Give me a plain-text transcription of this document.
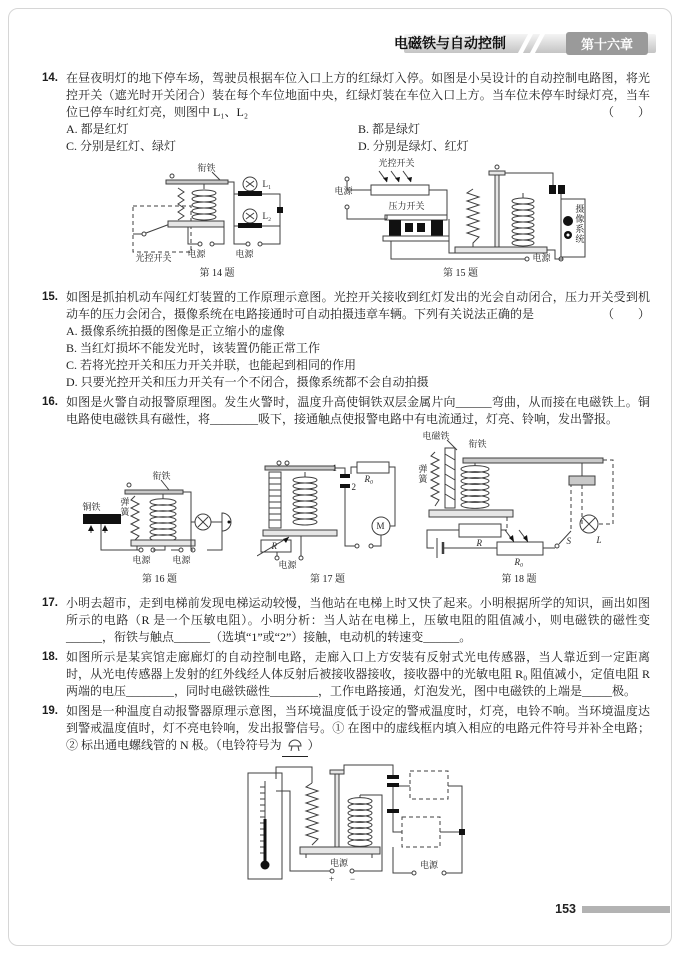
电磁铁与自动控制	第十六章
14. 在昼夜明灯的地下停车场，驾驶员根据车位入口上方的红绿灯入停。如图是小吴设计的自动控制电路图，将光控开关（遮光时开关闭合）装在每个车位地面中央，红绿灯装在车位入口上方。当车位未停车时绿灯亮，当车位已停车时红灯亮，则图中 L₁、L₂	（　　）
A. 都是红灯	B. 都是绿灯
C. 分别是红灯、绿灯	D. 分别是绿灯、红灯
衔铁
光控开关
L₁
L₂
电源	电源
第 14 题
光控开关
电源
压力开关	摄像系统
电源
第 15 题
15. 如图是抓拍机动车闯红灯装置的工作原理示意图。光控开关接收到红灯发出的光会自动闭合，压力开关受到机动车的压力会闭合，摄像系统在电路接通时可自动拍摄违章车辆。下列有关说法正确的是	（　　）
A. 摄像系统拍摄的图像是正立缩小的虚像
B. 当红灯损坏不能发光时，该装置仍能正常工作
C. 若将光控开关和压力开关并联，也能起到相同的作用
D. 只要光控开关和压力开关有一个不闭合，摄像系统都不会自动拍摄
16. 如图是火警自动报警原理图。发生火警时，温度升高使铜铁双层金属片向______弯曲，从而接在电磁铁上。铜电路使电磁铁具有磁性，将________吸下，接通触点使报警电路中有电流通过，灯亮、铃响，发出警报。
衔铁
铜铁 弹簧
电源 电源
第 16 题
1
2
R₀
R
M
电源
第 17 题
电磁铁
衔铁
弹簧
R
R₀
S	L
第 18 题
17. 小明去超市，走到电梯前发现电梯运动较慢，当他站在电梯上时又快了起来。小明根据所学的知识，画出如图所示的电路（R 是一个压敏电阻）。小明分析：当人站在电梯上，压敏电阻的阻值减小，则电磁铁的磁性变______，衔铁与触点______（选填“1”或“2”）接触，电动机的转速变______。
18. 如图所示是某宾馆走廊廊灯的自动控制电路，走廊入口上方安装有反射式光电传感器，当人靠近到一定距离时，从光电传感器上发射的红外线经人体反射后被接收器接收，接收器中的光敏电阻 R₀ 阻值减小，定值电阻 R 两端的电压________，同时电磁铁磁性________，工作电路接通，灯泡发光，图中电磁铁的上端是_____极。
19. 如图是一种温度自动报警器原理示意图，当环境温度低于设定的警戒温度时，灯亮，电铃不响。当环境温度达到警戒温度值时，灯不亮电铃响，发出报警信号。① 在图中的虚线框内填入相应的电路元件符号并补全电路；② 标出通电螺线管的 N 极。（电铃符号为 ）
电源
+ −
电源
153
